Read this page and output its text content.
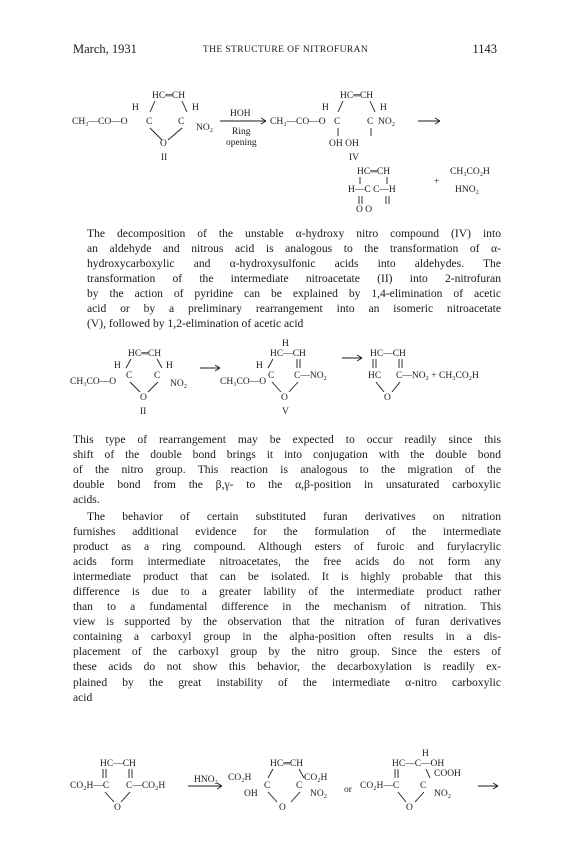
March, 1931	THE STRUCTURE OF NITROFURAN	1143
HC═CH
H	H
CH₃—CO—O C	C
NO₂
O
II
HOH
Ring
opening
HC═CH
H	H
CH₃—CO—O C	C NO₂
OH OH
IV
HC═CH
H—C C—H
O O
CH₃CO₂H
+
HNO₂
The decomposition of the unstable α-hydroxy nitro compound (IV) into
an aldehyde and nitrous acid is analogous to the transformation of α-
hydroxycarboxylic and α-hydroxysulfonic acids into aldehydes. The
transformation of the intermediate nitroacetate (II) into 2-nitrofuran
by the action of pyridine can be explained by 1,4-elimination of acetic
acid or by a preliminary rearrangement into an isomeric nitroacetate
(V), followed by 1,2-elimination of acetic acid
HC═CH
H	H
CH₃CO—O
C C
NO₂
O
II
H
HC—CH
H
CH₃CO—O
C C—NO₂
O
V
HC—CH
HC C—NO₂ + CH₃CO₂H
O
This type of rearrangement may be expected to occur readily since this
shift of the double bond brings it into conjugation with the double bond
of the nitro group. This reaction is analogous to the migration of the
double bond from the β,γ- to the α,β-position in unsaturated carboxylic
acids.
The behavior of certain substituted furan derivatives on nitration
furnishes additional evidence for the formulation of the intermediate
product as a ring compound. Although esters of furoic and furylacrylic
acids form intermediate nitroacetates, the free acids do not form any
intermediate product that can be isolated. It is highly probable that this
difference is due to a greater lability of the intermediate product rather
than to a fundamental difference in the mechanism of nitration. This
view is supported by the observation that the nitration of furan derivatives
containing a carboxyl group in the alpha-position often results in a dis-
placement of the carboxyl group by the nitro group. Since the esters of
these acids do not show this behavior, the decarboxylation is readily ex-
plained by the great instability of the intermediate α-nitro carboxylic
acid
HC—CH
CO₂H—C C—CO₂H
O
HNO₂
HC═CH
CO₂H	CO₂H
C	C
OH	NO₂
O
or
H
HC—C—OH
COOH
CO₂H—C C
NO₂
O
